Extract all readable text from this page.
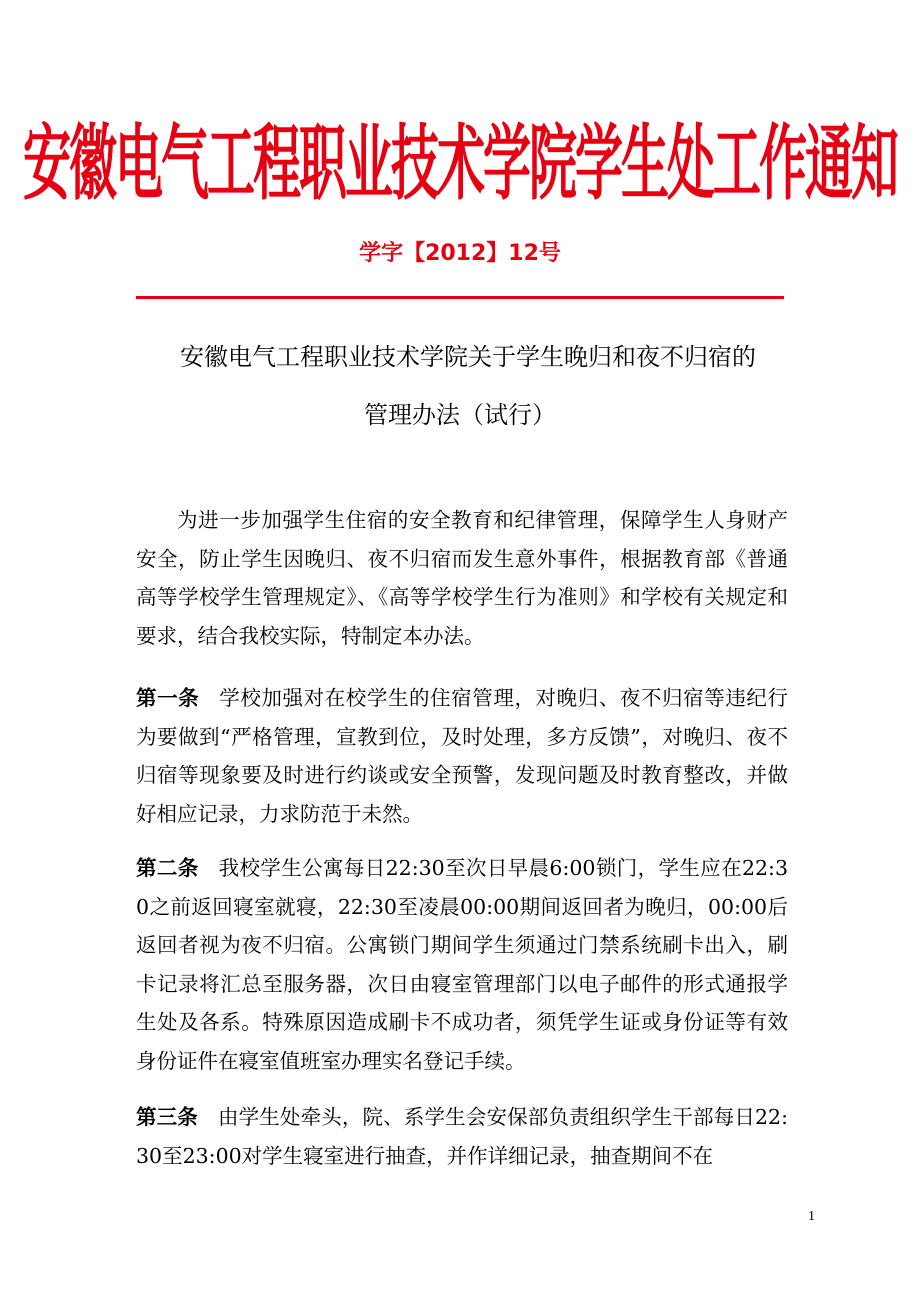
安徽电气工程职业技术学院学生处工作通知
学字【2012】12号
安徽电气工程职业技术学院关于学生晚归和夜不归宿的
管理办法（试行）

为进一步加强学生住宿的安全教育和纪律管理，保障学生人身财产安全，防止学生因晚归、夜不归宿而发生意外事件，根据教育部《普通高等学校学生管理规定》、《高等学校学生行为准则》和学校有关规定和要求，结合我校实际，特制定本办法。

第一条 学校加强对在校学生的住宿管理，对晚归、夜不归宿等违纪行为要做到“严格管理，宣教到位，及时处理，多方反馈”，对晚归、夜不归宿等现象要及时进行约谈或安全预警，发现问题及时教育整改，并做好相应记录，力求防范于未然。

第二条 我校学生公寓每日22:30至次日早晨6:00锁门，学生应在22:30之前返回寝室就寝，22:30至凌晨00:00期间返回者为晚归，00:00后返回者视为夜不归宿。公寓锁门期间学生须通过门禁系统刷卡出入，刷卡记录将汇总至服务器，次日由寝室管理部门以电子邮件的形式通报学生处及各系。特殊原因造成刷卡不成功者，须凭学生证或身份证等有效身份证件在寝室值班室办理实名登记手续。

第三条 由学生处牵头，院、系学生会安保部负责组织学生干部每日22:30至23:00对学生寝室进行抽查，并作详细记录，抽查期间不在

1
